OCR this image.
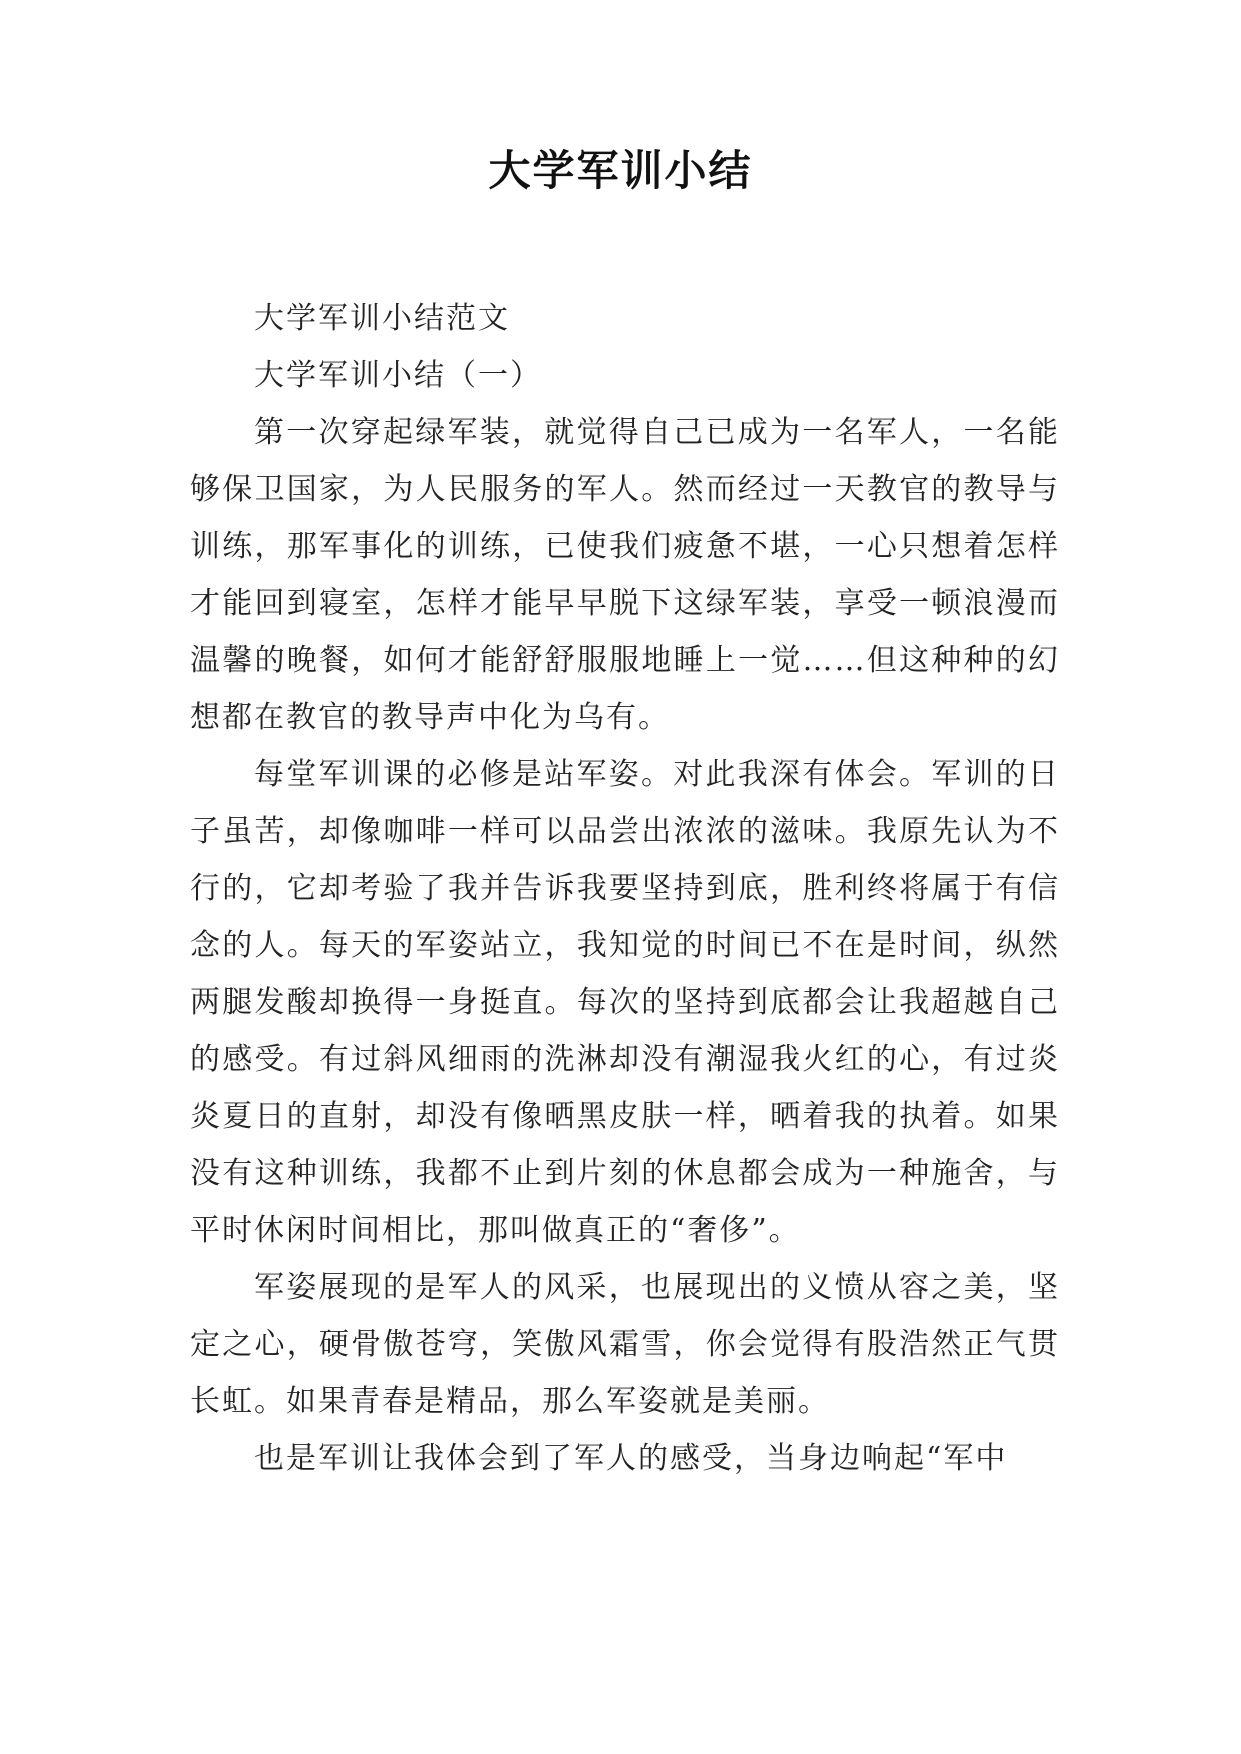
大学军训小结

大学军训小结范文

大学军训小结（一）

第一次穿起绿军装，就觉得自己已成为一名军人，一名能够保卫国家，为人民服务的军人。然而经过一天教官的教导与训练，那军事化的训练，已使我们疲惫不堪，一心只想着怎样才能回到寝室，怎样才能早早脱下这绿军装，享受一顿浪漫而温馨的晚餐，如何才能舒舒服服地睡上一觉……但这种种的幻想都在教官的教导声中化为乌有。

每堂军训课的必修是站军姿。对此我深有体会。军训的日子虽苦，却像咖啡一样可以品尝出浓浓的滋味。我原先认为不行的，它却考验了我并告诉我要坚持到底，胜利终将属于有信念的人。每天的军姿站立，我知觉的时间已不在是时间，纵然两腿发酸却换得一身挺直。每次的坚持到底都会让我超越自己的感受。有过斜风细雨的洗淋却没有潮湿我火红的心，有过炎炎夏日的直射，却没有像晒黑皮肤一样，晒着我的执着。如果没有这种训练，我都不止到片刻的休息都会成为一种施舍，与平时休闲时间相比，那叫做真正的“奢侈”。

军姿展现的是军人的风采，也展现出的义愤从容之美，坚定之心，硬骨傲苍穹，笑傲风霜雪，你会觉得有股浩然正气贯长虹。如果青春是精品，那么军姿就是美丽。

也是军训让我体会到了军人的感受，当身边响起“军中
